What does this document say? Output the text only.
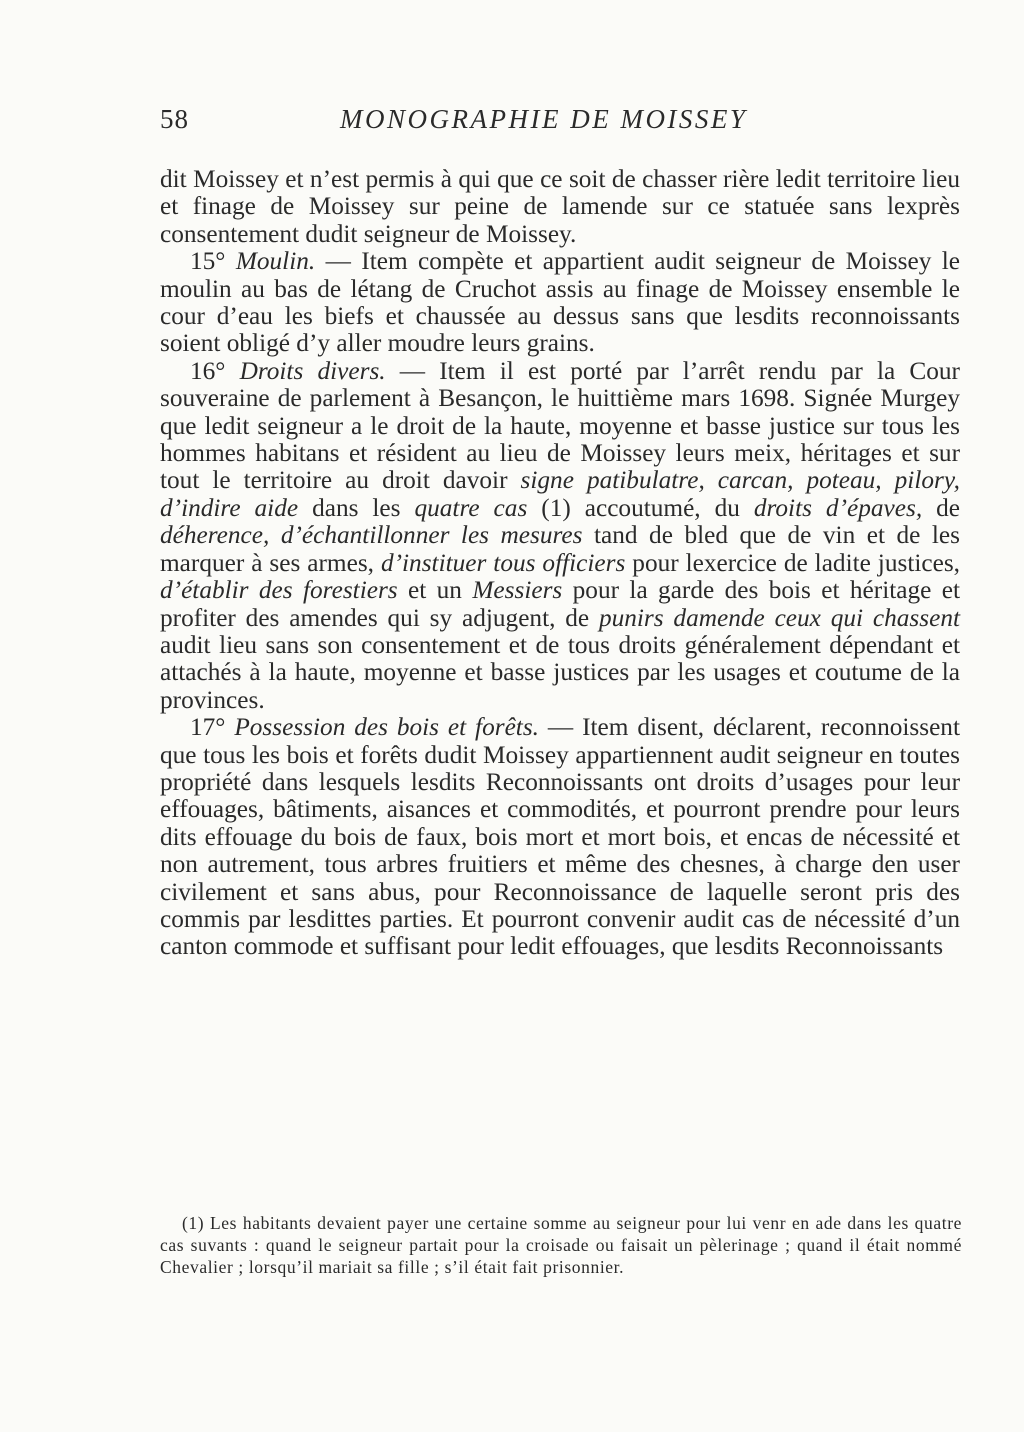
58	MONOGRAPHIE DE MOISSEY

dit Moissey et n’est permis à qui que ce soit de chasser rière ledit territoire lieu et finage de Moissey sur peine de lamende sur ce statuée sans lexprès consentement dudit seigneur de Moissey.

15° Moulin. — Item compète et appartient audit seigneur de Moissey le moulin au bas de létang de Cruchot assis au finage de Moissey ensemble le cour d’eau les biefs et chaussée au dessus sans que lesdits reconnoissants soient obligé d’y aller moudre leurs grains.

16° Droits divers. — Item il est porté par l’arrêt rendu par la Cour souveraine de parlement à Besançon, le huittième mars 1698. Signée Murgey que ledit seigneur a le droit de la haute, moyenne et basse justice sur tous les hommes habitans et résident au lieu de Moissey leurs meix, héritages et sur tout le territoire au droit davoir signe patibulatre, carcan, poteau, pilory, d’indire aide dans les quatre cas (1) accoutumé, du droits d’épaves, de déherence, d’échantillonner les mesures tand de bled que de vin et de les marquer à ses armes, d’instituer tous officiers pour lexercice de ladite justices, d’établir des forestiers et un Messiers pour la garde des bois et héritage et profiter des amendes qui sy adjugent, de punirs damende ceux qui chassent audit lieu sans son consentement et de tous droits généralement dépendant et attachés à la haute, moyenne et basse justices par les usages et coutume de la provinces.

17° Possession des bois et forêts. — Item disent, déclarent, reconnoissent que tous les bois et forêts dudit Moissey appartiennent audit seigneur en toutes propriété dans lesquels lesdits Reconnoissants ont droits d’usages pour leur effouages, bâtiments, aisances et commodités, et pourront prendre pour leurs dits effouage du bois de faux, bois mort et mort bois, et encas de nécessité et non autrement, tous arbres fruitiers et même des chesnes, à charge den user civilement et sans abus, pour Reconnoissance de laquelle seront pris des commis par lesdittes parties. Et pourront convenir audit cas de nécessité d’un canton commode et suffisant pour ledit effouages, que lesdits Reconnoissants

(1) Les habitants devaient payer une certaine somme au seigneur pour lui venr en ade dans les quatre cas suvants : quand le seigneur partait pour la croisade ou faisait un pèlerinage ; quand il était nommé Chevalier ; lorsqu’il mariait sa fille ; s’il était fait prisonnier.
